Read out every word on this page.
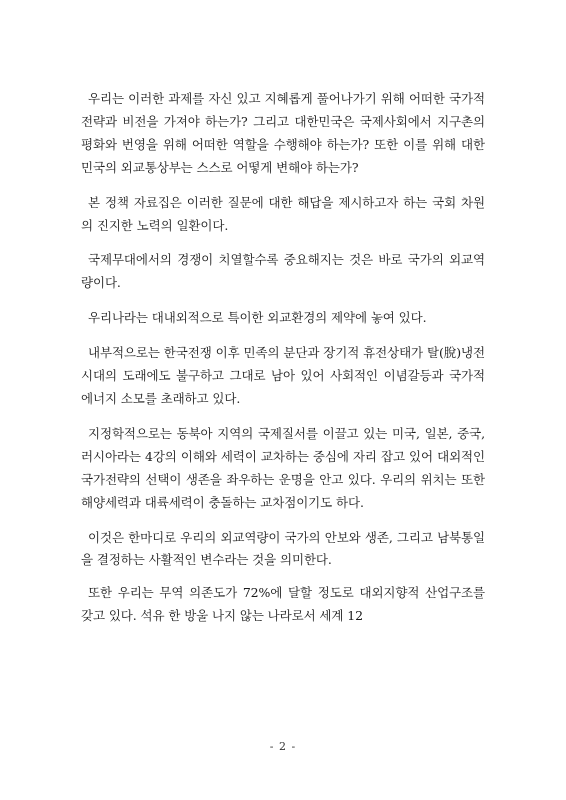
우리는 이러한 과제를 자신 있고 지혜롭게 풀어나가기 위해 어떠한 국가적 전략과 비전을 가져야 하는가? 그리고 대한민국은 국제사회에서 지구촌의 평화와 번영을 위해 어떠한 역할을 수행해야 하는가? 또한 이를 위해 대한민국의 외교통상부는 스스로 어떻게 변해야 하는가?

본 정책 자료집은 이러한 질문에 대한 해답을 제시하고자 하는 국회 차원의 진지한 노력의 일환이다.

국제무대에서의 경쟁이 치열할수록 중요해지는 것은 바로 국가의 외교역량이다.

우리나라는 대내외적으로 특이한 외교환경의 제약에 놓여 있다.

내부적으로는 한국전쟁 이후 민족의 분단과 장기적 휴전상태가 탈(脫)냉전시대의 도래에도 불구하고 그대로 남아 있어 사회적인 이념갈등과 국가적 에너지 소모를 초래하고 있다.

지정학적으로는 동북아 지역의 국제질서를 이끌고 있는 미국, 일본, 중국, 러시아라는 4강의 이해와 세력이 교차하는 중심에 자리 잡고 있어 대외적인 국가전략의 선택이 생존을 좌우하는 운명을 안고 있다. 우리의 위치는 또한 해양세력과 대륙세력이 충돌하는 교차점이기도 하다.

이것은 한마디로 우리의 외교역량이 국가의 안보와 생존, 그리고 남북통일을 결정하는 사활적인 변수라는 것을 의미한다.

또한 우리는 무역 의존도가 72%에 달할 정도로 대외지향적 산업구조를 갖고 있다. 석유 한 방울 나지 않는 나라로서 세계 12

- 2 -
